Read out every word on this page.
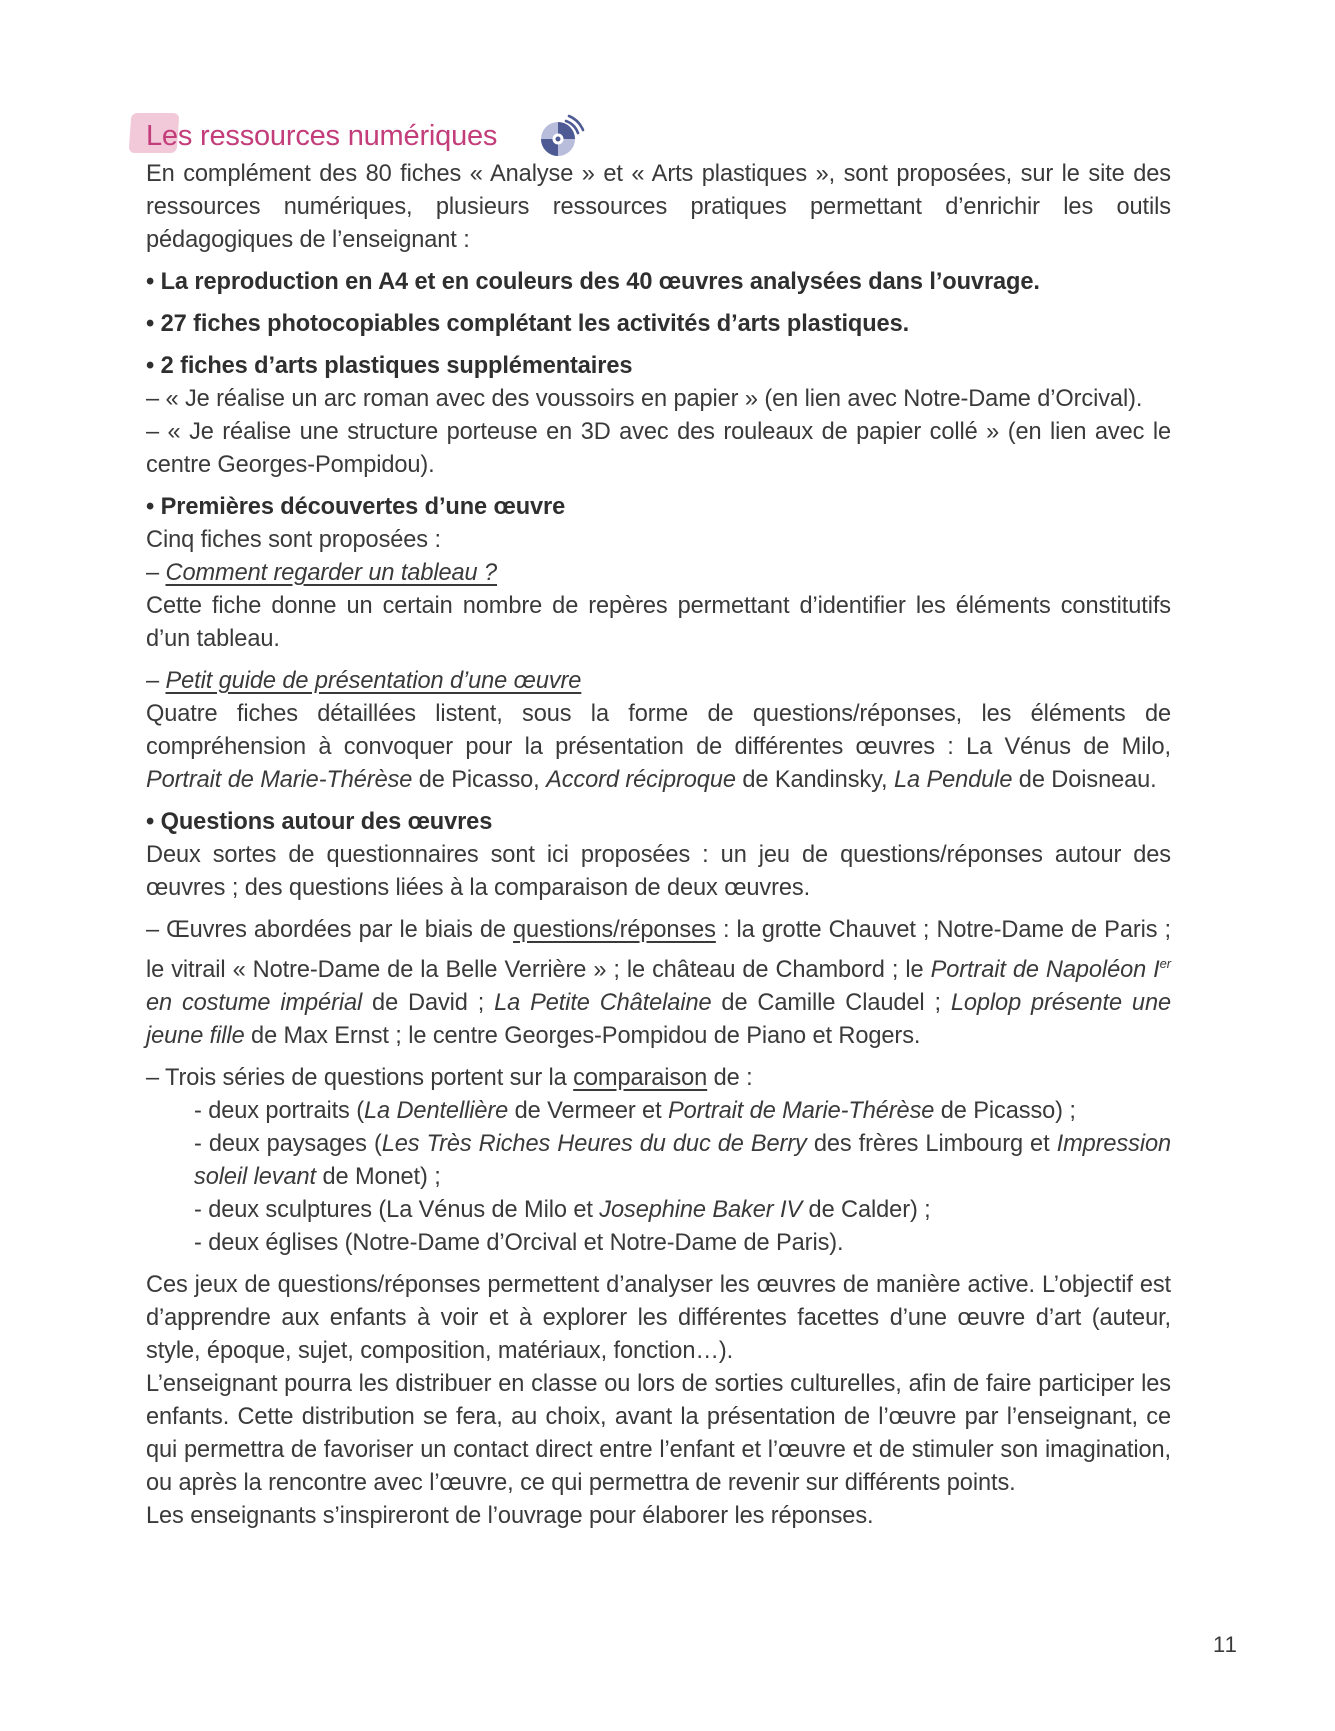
Les ressources numériques

En complément des 80 fiches « Analyse » et « Arts plastiques », sont proposées, sur le site des ressources numériques, plusieurs ressources pratiques permettant d’enrichir les outils pédagogiques de l’enseignant :

• La reproduction en A4 et en couleurs des 40 œuvres analysées dans l’ouvrage.

• 27 fiches photocopiables complétant les activités d’arts plastiques.

• 2 fiches d’arts plastiques supplémentaires

– « Je réalise un arc roman avec des voussoirs en papier » (en lien avec Notre-Dame d’Orcival).

– « Je réalise une structure porteuse en 3D avec des rouleaux de papier collé » (en lien avec le centre Georges-Pompidou).

• Premières découvertes d’une œuvre

Cinq fiches sont proposées :

– Comment regarder un tableau ?

Cette fiche donne un certain nombre de repères permettant d’identifier les éléments constitutifs d’un tableau.

– Petit guide de présentation d’une œuvre

Quatre fiches détaillées listent, sous la forme de questions/réponses, les éléments de compréhension à convoquer pour la présentation de différentes œuvres : La Vénus de Milo, Portrait de Marie-Thérèse de Picasso, Accord réciproque de Kandinsky, La Pendule de Doisneau.

• Questions autour des œuvres

Deux sortes de questionnaires sont ici proposées : un jeu de questions/réponses autour des œuvres ; des questions liées à la comparaison de deux œuvres.

– Œuvres abordées par le biais de questions/réponses : la grotte Chauvet ; Notre-Dame de Paris ; le vitrail « Notre-Dame de la Belle Verrière » ; le château de Chambord ; le Portrait de Napoléon Ier en costume impérial de David ; La Petite Châtelaine de Camille Claudel ; Loplop présente une jeune fille de Max Ernst ; le centre Georges-Pompidou de Piano et Rogers.

– Trois séries de questions portent sur la comparaison de :

- deux portraits (La Dentellière de Vermeer et Portrait de Marie-Thérèse de Picasso) ;

- deux paysages (Les Très Riches Heures du duc de Berry des frères Limbourg et Impression soleil levant de Monet) ;

- deux sculptures (La Vénus de Milo et Josephine Baker IV de Calder) ;

- deux églises (Notre-Dame d’Orcival et Notre-Dame de Paris).

Ces jeux de questions/réponses permettent d’analyser les œuvres de manière active. L’objectif est d’apprendre aux enfants à voir et à explorer les différentes facettes d’une œuvre d’art (auteur, style, époque, sujet, composition, matériaux, fonction…).

L’enseignant pourra les distribuer en classe ou lors de sorties culturelles, afin de faire participer les enfants. Cette distribution se fera, au choix, avant la présentation de l’œuvre par l’enseignant, ce qui permettra de favoriser un contact direct entre l’enfant et l’œuvre et de stimuler son imagination, ou après la rencontre avec l’œuvre, ce qui permettra de revenir sur différents points.

Les enseignants s’inspireront de l’ouvrage pour élaborer les réponses.

11
